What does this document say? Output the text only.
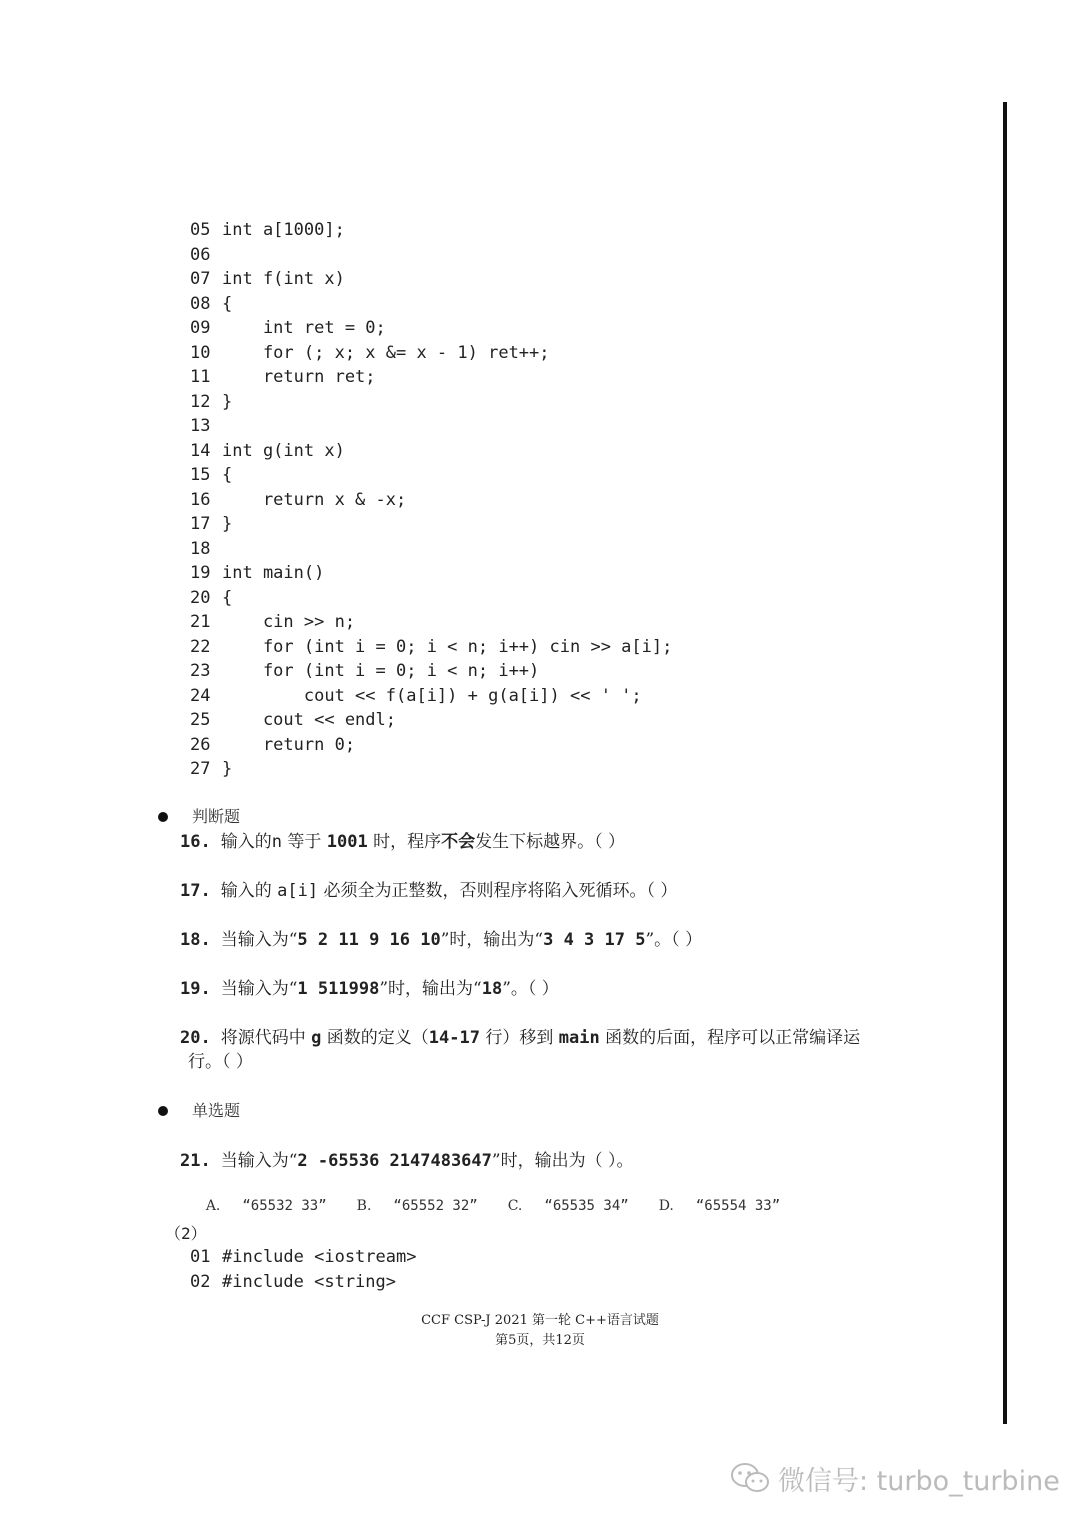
05 int a[1000];
06
07 int f(int x)
08 {
09    int ret = 0;
10    for (; x; x &= x - 1) ret++;
11    return ret;
12 }
13
14 int g(int x)
15 {
16    return x & -x;
17 }
18
19 int main()
20 {
21    cin >> n;
22    for (int i = 0; i < n; i++) cin >> a[i];
23    for (int i = 0; i < n; i++)
24        cout << f(a[i]) + g(a[i]) << ' ';
25    cout << endl;
26    return 0;
27 }
判断题
16. 输入的n 等于 1001 时，程序不会发生下标越界。（ ）
17. 输入的 a[i] 必须全为正整数，否则程序将陷入死循环。（ ）
18. 当输入为“5 2 11 9 16 10”时，输出为“3 4 3 17 5”。（ ）
19. 当输入为“1 511998”时，输出为“18”。（ ）
20. 将源代码中 g 函数的定义（14-17 行）移到 main 函数的后面，程序可以正常编译运
行。（ ）
单选题
21. 当输入为“2 -65536 2147483647”时，输出为（ ）。

A. “65532 33” B. “65552 32” C. “65535 34” D. “65554 33”

（2）
01 #include <iostream>
02 #include <string>
CCF CSP-J 2021 第一轮 C++语言试题
第5页，共12页
微信号: turbo_turbine
